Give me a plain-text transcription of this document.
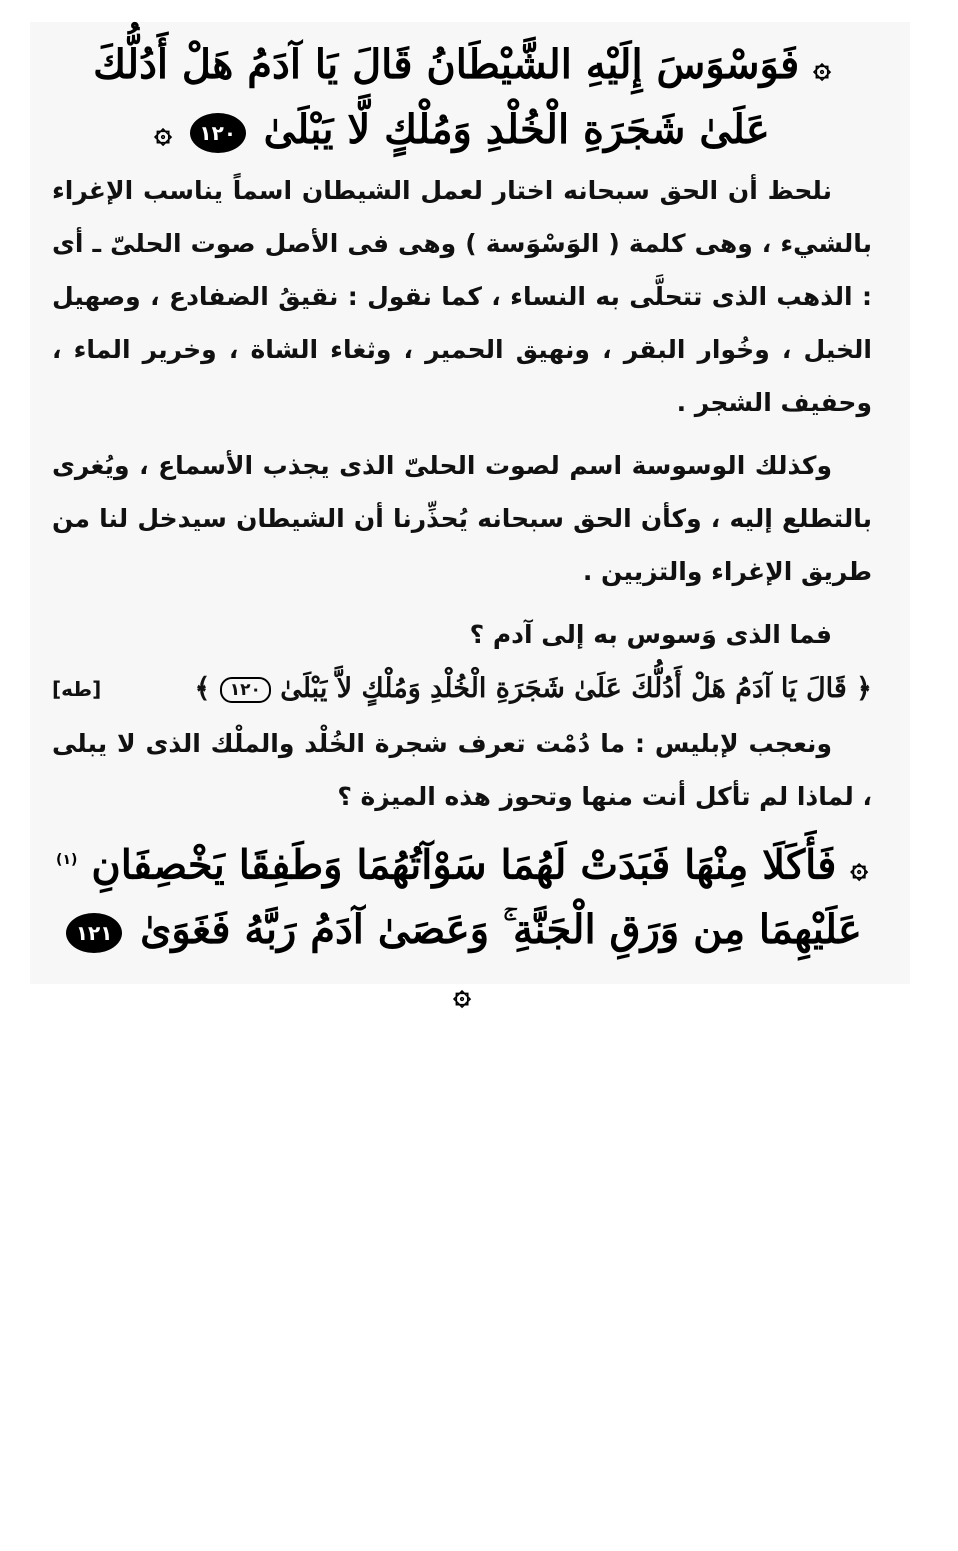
۞ فَوَسْوَسَ إِلَيْهِ الشَّيْطَانُ قَالَ يَا آدَمُ هَلْ أَدُلُّكَ
عَلَىٰ شَجَرَةِ الْخُلْدِ وَمُلْكٍ لَّا يَبْلَىٰ ١٢٠ ۞

نلحظ أن الحق سبحانه اختار لعمل الشيطان اسماً يناسب الإغراء بالشيء ، وهى كلمة ( الوَسْوَسة ) وهى فى الأصل صوت الحلىّ ـ أى : الذهب الذى تتحلَّى به النساء ، كما نقول : نقيقُ الضفادع ، وصهيل الخيل ، وخُوار البقر ، ونهيق الحمير ، وثغاء الشاة ، وخرير الماء ، وحفيف الشجر .

وكذلك الوسوسة اسم لصوت الحلىّ الذى يجذب الأسماع ، ويُغرى بالتطلع إليه ، وكأن الحق سبحانه يُحذِّرنا أن الشيطان سيدخل لنا من طريق الإغراء والتزيين .

فما الذى وَسوس به إلى آدم ؟

﴿ قَالَ يَا آدَمُ هَلْ أَدُلُّكَ عَلَىٰ شَجَرَةِ الْخُلْدِ وَمُلْكٍ لاَّ يَبْلَىٰ ١٢٠ ﴾
[طه]

ونعجب لإبليس : ما دُمْت تعرف شجرة الخُلْد والملْك الذى لا يبلى ، لماذا لم تأكل أنت منها وتحوز هذه الميزة ؟

۞ فَأَكَلَا مِنْهَا فَبَدَتْ لَهُمَا سَوْآتُهُمَا وَطَفِقَا يَخْصِفَانِ $^{(١)}$
عَلَيْهِمَا مِن وَرَقِ الْجَنَّةِ ۚ وَعَصَىٰ آدَمُ رَبَّهُ فَغَوَىٰ ١٢١ ۞
